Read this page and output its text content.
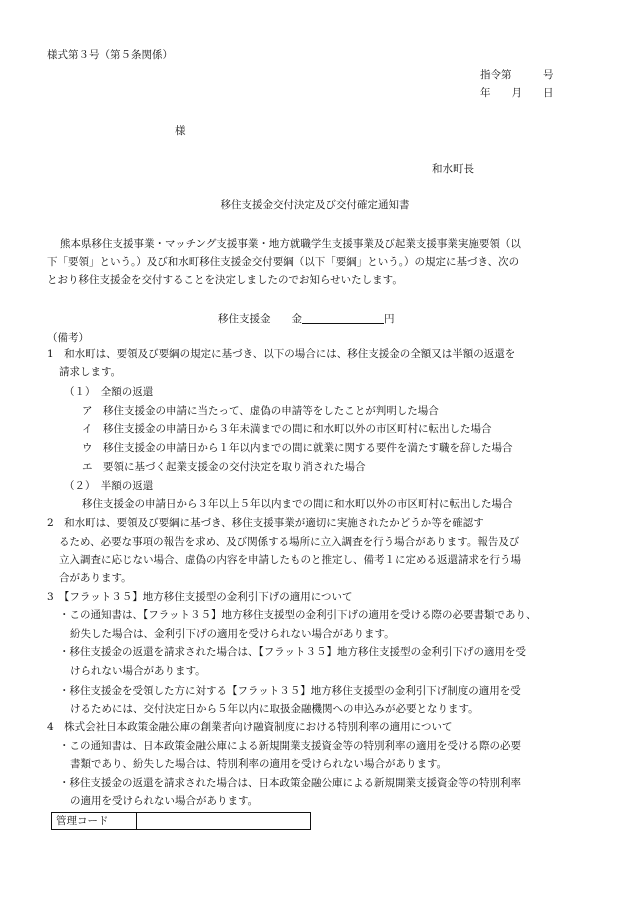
様式第３号（第５条関係）
指令第　　　号
年　　月　　日
様
和水町長
移住支援金交付決定及び交付確定通知書
熊本県移住支援事業・マッチング支援事業・地方就職学生支援事業及び起業支援事業実施要領（以
下「要領」という。）及び和水町移住支援金交付要綱（以下「要綱」という。）の規定に基づき、次の
とおり移住支援金を交付することを決定しましたのでお知らせいたします。
移住支援金　　金	円
（備考）
1　和水町は、要領及び要綱の規定に基づき、以下の場合には、移住支援金の全額又は半額の返還を
請求します。
（１）　全額の返還
ア　移住支援金の申請に当たって、虚偽の申請等をしたことが判明した場合
イ　移住支援金の申請日から３年未満までの間に和水町以外の市区町村に転出した場合
ウ　移住支援金の申請日から１年以内までの間に就業に関する要件を満たす職を辞した場合
エ　要領に基づく起業支援金の交付決定を取り消された場合
（２）　半額の返還
移住支援金の申請日から３年以上５年以内までの間に和水町以外の市区町村に転出した場合
2　和水町は、要領及び要綱に基づき、移住支援事業が適切に実施されたかどうか等を確認す
るため、必要な事項の報告を求め、及び関係する場所に立入調査を行う場合があります。報告及び
立入調査に応じない場合、虚偽の内容を申請したものと推定し、備考１に定める返還請求を行う場
合があります。
3　【フラット３５】地方移住支援型の金利引下げの適用について
・この通知書は、【フラット３５】地方移住支援型の金利引下げの適用を受ける際の必要書類であり、
紛失した場合は、金利引下げの適用を受けられない場合があります。
・移住支援金の返還を請求された場合は、【フラット３５】地方移住支援型の金利引下げの適用を受
けられない場合があります。
・移住支援金を受領した方に対する【フラット３５】地方移住支援型の金利引下げ制度の適用を受
けるためには、交付決定日から５年以内に取扱金融機関への申込みが必要となります。
4　株式会社日本政策金融公庫の創業者向け融資制度における特別利率の適用について
・この通知書は、日本政策金融公庫による新規開業支援資金等の特別利率の適用を受ける際の必要
書類であり、紛失した場合は、特別利率の適用を受けられない場合があります。
・移住支援金の返還を請求された場合は、日本政策金融公庫による新規開業支援資金等の特別利率
の適用を受けられない場合があります。
管理コード	
